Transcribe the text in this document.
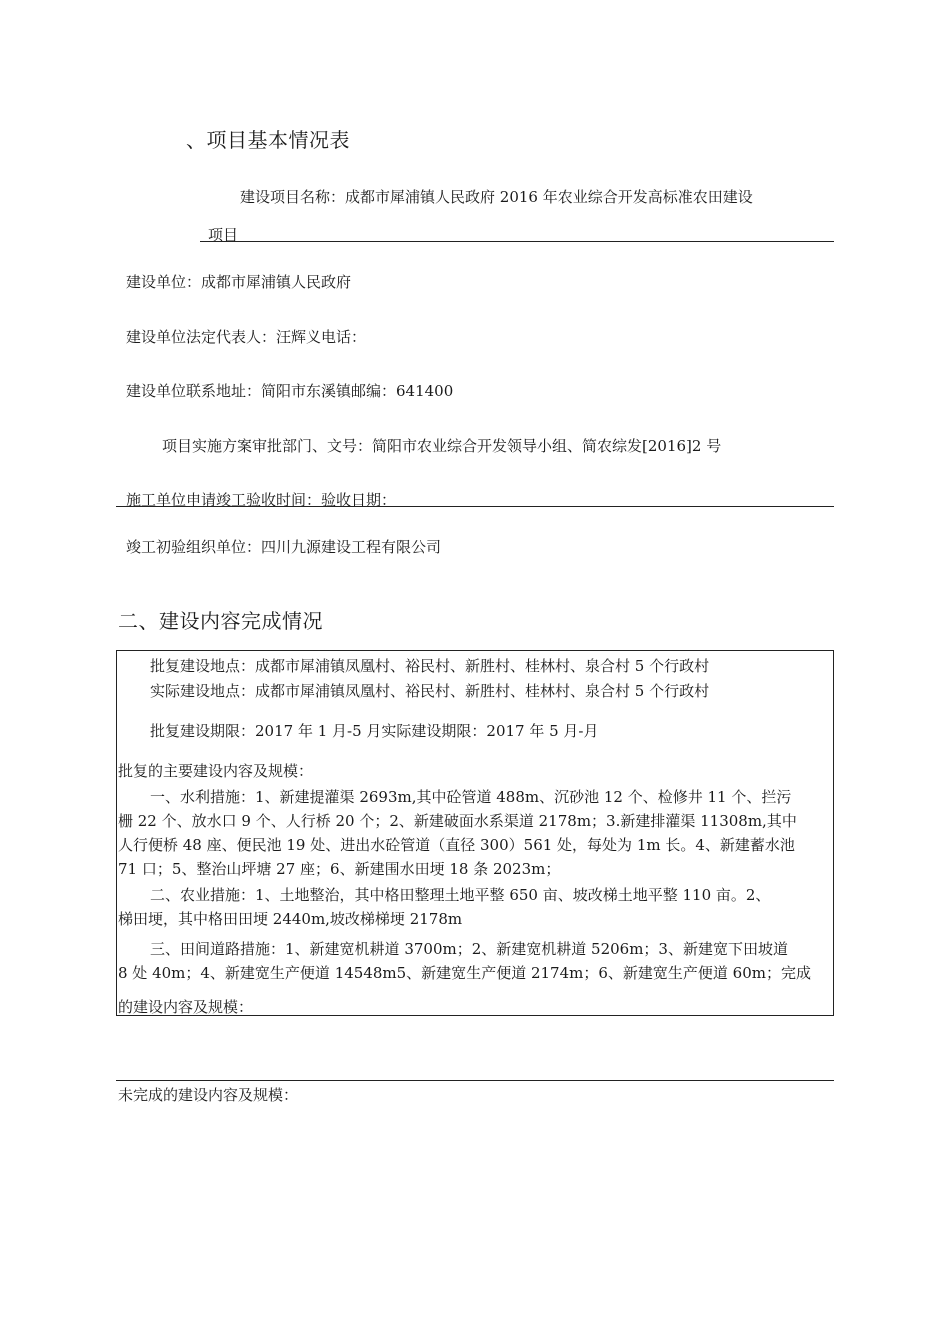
、项目基本情况表
建设项目名称：成都市犀浦镇人民政府 2016 年农业综合开发高标准农田建设
项目
建设单位：成都市犀浦镇人民政府
建设单位法定代表人：汪辉义电话：
建设单位联系地址：简阳市东溪镇邮编：641400
项目实施方案审批部门、文号：简阳市农业综合开发领导小组、简农综发[2016]2 号
施工单位申请竣工验收时间：验收日期：
竣工初验组织单位：四川九源建设工程有限公司
二、建设内容完成情况
批复建设地点：成都市犀浦镇凤凰村、裕民村、新胜村、桂林村、泉合村 5 个行政村
实际建设地点：成都市犀浦镇凤凰村、裕民村、新胜村、桂林村、泉合村 5 个行政村
批复建设期限：2017 年 1 月-5 月实际建设期限：2017 年 5 月-月
批复的主要建设内容及规模：
一、水利措施：1、新建提灌渠 2693m,其中砼管道 488m、沉砂池 12 个、检修井 11 个、拦污
栅 22 个、放水口 9 个、人行桥 20 个；2、新建破面水系渠道 2178m；3.新建排灌渠 11308m,其中
人行便桥 48 座、便民池 19 处、进出水砼管道（直径 300）561 处，每处为 1m 长。4、新建蓄水池
71 口；5、整治山坪塘 27 座；6、新建围水田埂 18 条 2023m；
二、农业措施：1、土地整治，其中格田整理土地平整 650 亩、坡改梯土地平整 110 亩。2、
梯田埂，其中格田田埂 2440m,坡改梯梯埂 2178m
三、田间道路措施：1、新建宽机耕道 3700m；2、新建宽机耕道 5206m；3、新建宽下田坡道
8 处 40m；4、新建宽生产便道 14548m5、新建宽生产便道 2174m；6、新建宽生产便道 60m；完成
的建设内容及规模：
未完成的建设内容及规模：
